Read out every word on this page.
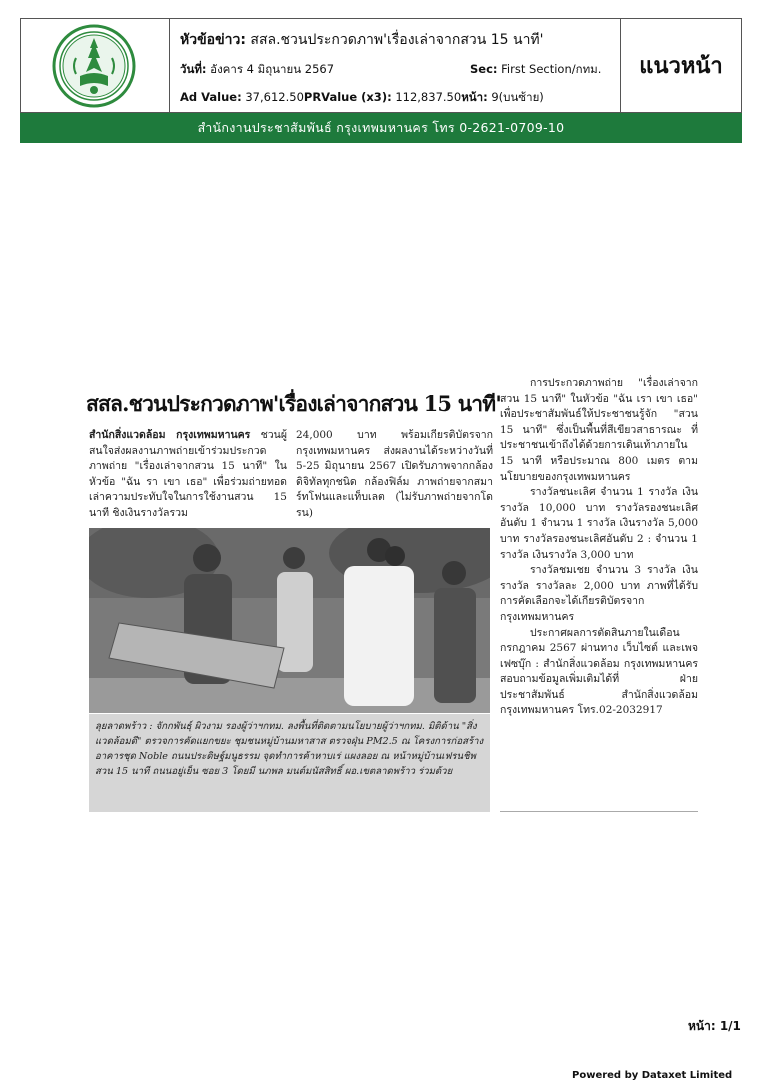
หัวข้อข่าว: สสล.ชวนประกวดภาพ'เรื่องเล่าจากสวน 15 นาที'
วันที่: อังคาร 4 มิถุนายน 2567	Sec: First Section/กทม.
Ad Value: 37,612.50PRValue (x3): 112,837.50หน้า: 9(บนซ้าย)
แนวหน้า
สำนักงานประชาสัมพันธ์ กรุงเทพมหานคร โทร 0-2621-0709-10
สสล.ชวนประกวดภาพ'เรื่องเล่าจากสวน 15 นาที'

สำนักสิ่งแวดล้อม กรุงเทพมหานคร ชวนผู้สนใจส่งผลงานภาพถ่ายเข้าร่วมประกวดภาพถ่าย "เรื่องเล่าจากสวน 15 นาที" ในหัวข้อ "ฉัน รา เขา เธอ" เพื่อร่วมถ่ายทอดเล่าความประทับใจในการใช้งานสวน 15 นาที ชิงเงินรางวัลรวม

24,000 บาท พร้อมเกียรติบัตรจากกรุงเทพมหานคร ส่งผลงานได้ระหว่างวันที่ 5-25 มิถุนายน 2567 เปิดรับภาพจากกล้องดิจิทัลทุกชนิด กล้องฟิล์ม ภาพถ่ายจากสมาร์ทโฟนและแท็บเลต (ไม่รับภาพถ่ายจากโดรน)

ลุยลาดพร้าว : จักกพันธุ์ ผิวงาม รองผู้ว่าฯกทม. ลงพื้นที่ติดตามนโยบายผู้ว่าฯกทม. มิติด้าน "สิ่งแวดล้อมดี" ตรวจการคัดแยกขยะ ชุมชนหมู่บ้านมหาสาส ตรวจฝุ่น PM2.5 ณ โครงการก่อสร้างอาคารชุด Noble ถนนประดิษฐ์มนูธรรม จุดทำการค้าหาบเร่ แผงลอย ณ หน้าหมู่บ้านเฟรนชิพ สวน 15 นาที ถนนอยู่เย็น ซอย 3 โดยมี นภพล มนต์มนัสสิทธิ์ ผอ.เขตลาดพร้าว ร่วมด้วย

การประกวดภาพถ่าย "เรื่องเล่าจากสวน 15 นาที" ในหัวข้อ "ฉัน เรา เขา เธอ" เพื่อประชาสัมพันธ์ให้ประชาชนรู้จัก "สวน 15 นาที" ซึ่งเป็นพื้นที่สีเขียวสาธารณะ ที่ประชาชนเข้าถึงได้ด้วยการเดินเท้าภายใน 15 นาที หรือประมาณ 800 เมตร ตามนโยบายของกรุงเทพมหานคร

รางวัลชนะเลิศ จำนวน 1 รางวัล เงินรางวัล 10,000 บาท รางวัลรองชนะเลิศอันดับ 1 จำนวน 1 รางวัล เงินรางวัล 5,000 บาท รางวัลรองชนะเลิศอันดับ 2 : จำนวน 1 รางวัล เงินรางวัล 3,000 บาท

รางวัลชมเชย จำนวน 3 รางวัล เงินรางวัล รางวัลละ 2,000 บาท ภาพที่ได้รับการคัดเลือกจะได้เกียรติบัตรจากกรุงเทพมหานคร

ประกาศผลการตัดสินภายในเดือนกรกฎาคม 2567 ผ่านทาง เว็บไซต์ และเพจเฟซบุ๊ก : สำนักสิ่งแวดล้อม กรุงเทพมหานคร สอบถามข้อมูลเพิ่มเติมได้ที่ ฝ่ายประชาสัมพันธ์ สำนักสิ่งแวดล้อม กรุงเทพมหานคร โทร.02-2032917

หน้า: 1/1
Powered by Dataxet Limited
